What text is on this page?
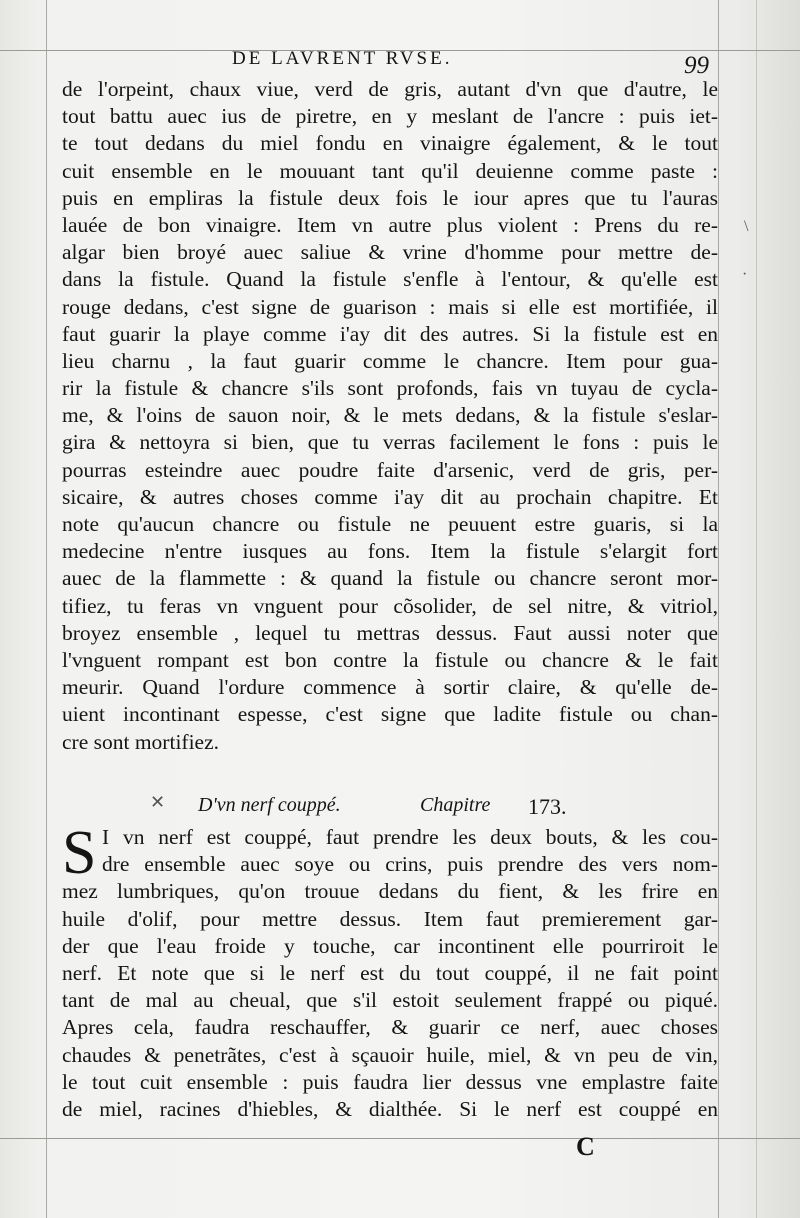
DE LAVRENT RVSE.	99
de l'orpeint, chaux viue, verd de gris, autant d'vn que d'autre, le
tout battu auec ius de piretre, en y meslant de l'ancre : puis iet-
te tout dedans du miel fondu en vinaigre également, & le tout
cuit ensemble en le mouuant tant qu'il deuienne comme paste :
puis en empliras la fistule deux fois le iour apres que tu l'auras
lauée de bon vinaigre. Item vn autre plus violent : Prens du re-
algar bien broyé auec saliue & vrine d'homme pour mettre de-
dans la fistule. Quand la fistule s'enfle à l'entour, & qu'elle est
rouge dedans, c'est signe de guarison : mais si elle est mortifiée, il
faut guarir la playe comme i'ay dit des autres. Si la fistule est en
lieu charnu , la faut guarir comme le chancre. Item pour gua-
rir la fistule & chancre s'ils sont profonds, fais vn tuyau de cycla-
me, & l'oins de sauon noir, & le mets dedans, & la fistule s'eslar-
gira & nettoyra si bien, que tu verras facilement le fons : puis le
pourras esteindre auec poudre faite d'arsenic, verd de gris, per-
sicaire, & autres choses comme i'ay dit au prochain chapitre. Et
note qu'aucun chancre ou fistule ne peuuent estre guaris, si la
medecine n'entre iusques au fons. Item la fistule s'elargit fort
auec de la flammette : & quand la fistule ou chancre seront mor-
tifiez, tu feras vn vnguent pour cõsolider, de sel nitre, & vitriol,
broyez ensemble , lequel tu mettras dessus. Faut aussi noter que
l'vnguent rompant est bon contre la fistule ou chancre & le fait
meurir. Quand l'ordure commence à sortir claire, & qu'elle de-
uient incontinant espesse, c'est signe que ladite fistule ou chan-
cre sont mortifiez.
D'vn nerf couppé.	Chapitre 173.
S I vn nerf est couppé, faut prendre les deux bouts, & les cou-
dre ensemble auec soye ou crins, puis prendre des vers nom-
mez lumbriques, qu'on trouue dedans du fient, & les frire en
huile d'olif, pour mettre dessus. Item faut premierement gar-
der que l'eau froide y touche, car incontinent elle pourriroit le
nerf. Et note que si le nerf est du tout couppé, il ne fait point
tant de mal au cheual, que s'il estoit seulement frappé ou piqué.
Apres cela, faudra reschauffer, & guarir ce nerf, auec choses
chaudes & penetrãtes, c'est à sçauoir huile, miel, & vn peu de vin,
le tout cuit ensemble : puis faudra lier dessus vne emplastre faite
de miel, racines d'hiebles, & dialthée. Si le nerf est couppé en
C
\
·
✕
